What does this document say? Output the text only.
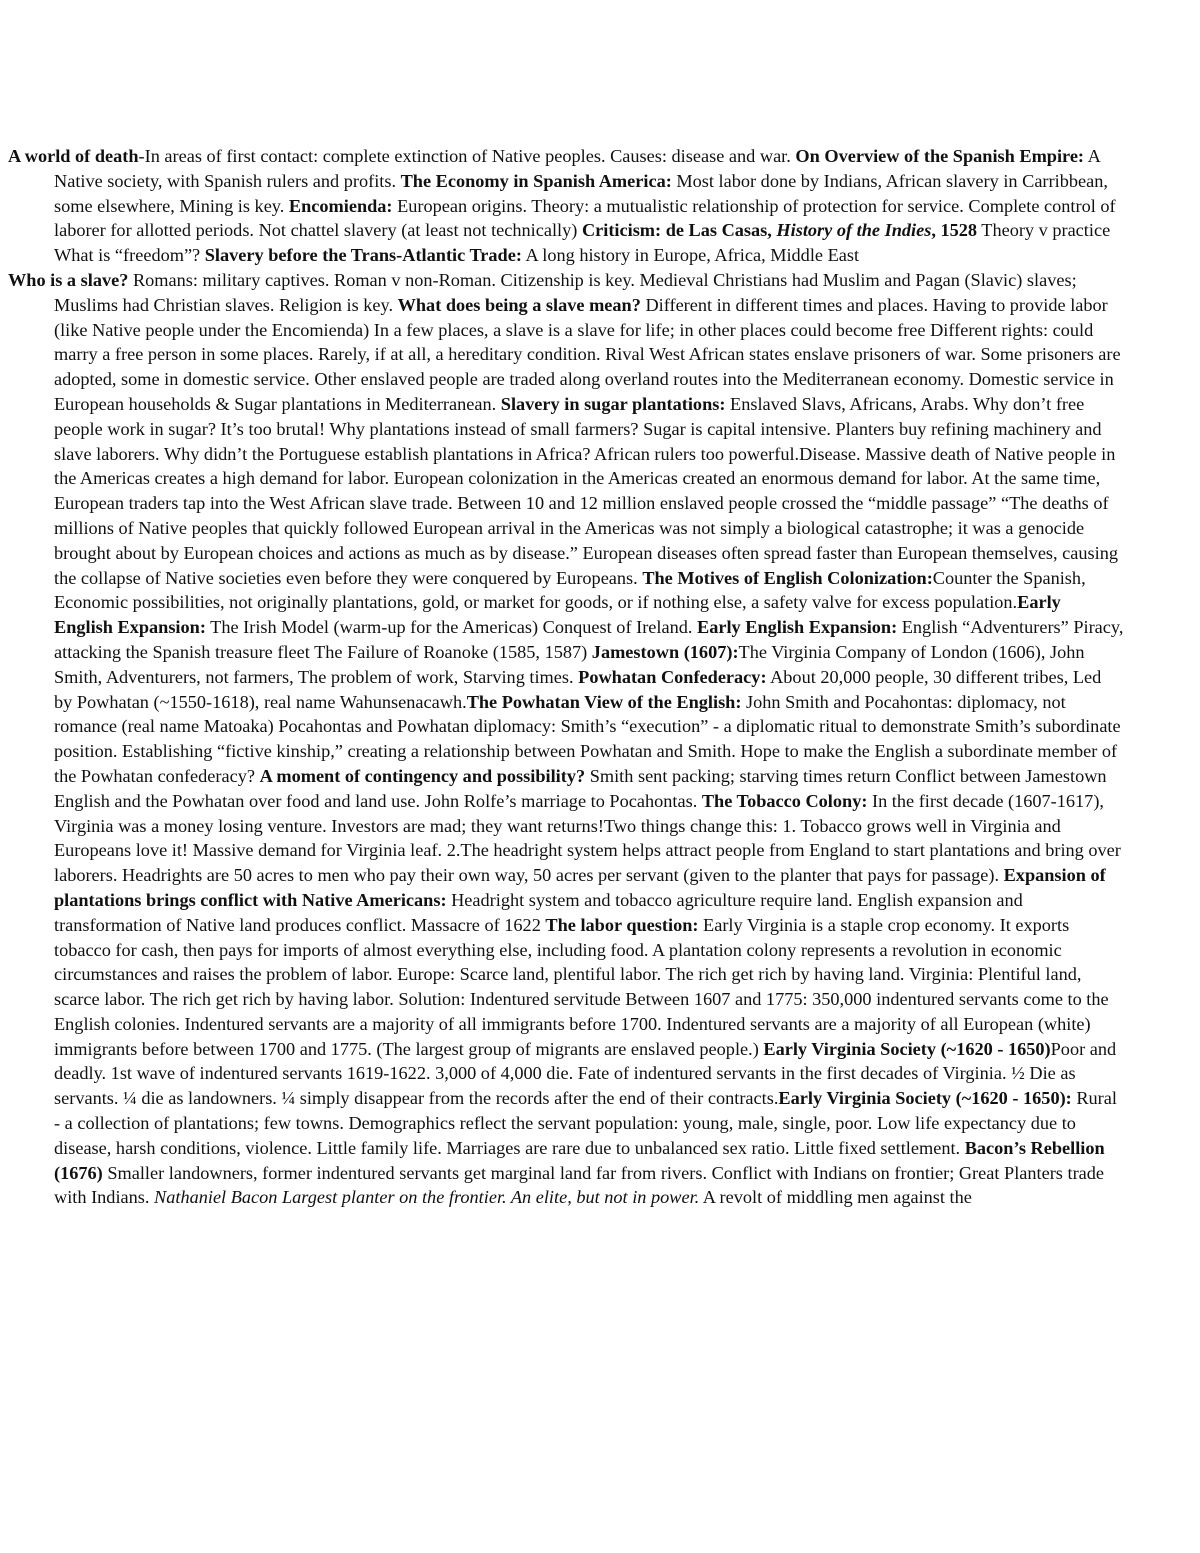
A world of death-In areas of first contact: complete extinction of Native peoples. Causes: disease and war. On Overview of the Spanish Empire: A Native society, with Spanish rulers and profits. The Economy in Spanish America: Most labor done by Indians, African slavery in Carribbean, some elsewhere, Mining is key. Encomienda: European origins. Theory: a mutualistic relationship of protection for service. Complete control of laborer for allotted periods. Not chattel slavery (at least not technically) Criticism: de Las Casas, History of the Indies, 1528 Theory v practice What is “freedom”? Slavery before the Trans-Atlantic Trade: A long history in Europe, Africa, Middle East

Who is a slave? Romans: military captives. Roman v non-Roman. Citizenship is key. Medieval Christians had Muslim and Pagan (Slavic) slaves; Muslims had Christian slaves. Religion is key. What does being a slave mean? Different in different times and places. Having to provide labor (like Native people under the Encomienda) In a few places, a slave is a slave for life; in other places could become free Different rights: could marry a free person in some places. Rarely, if at all, a hereditary condition. Rival West African states enslave prisoners of war. Some prisoners are adopted, some in domestic service. Other enslaved people are traded along overland routes into the Mediterranean economy. Domestic service in European households & Sugar plantations in Mediterranean. Slavery in sugar plantations: Enslaved Slavs, Africans, Arabs. Why don’t free people work in sugar? It’s too brutal! Why plantations instead of small farmers? Sugar is capital intensive. Planters buy refining machinery and slave laborers. Why didn’t the Portuguese establish plantations in Africa? African rulers too powerful.Disease. Massive death of Native people in the Americas creates a high demand for labor. European colonization in the Americas created an enormous demand for labor. At the same time, European traders tap into the West African slave trade. Between 10 and 12 million enslaved people crossed the “middle passage” “The deaths of millions of Native peoples that quickly followed European arrival in the Americas was not simply a biological catastrophe; it was a genocide brought about by European choices and actions as much as by disease.” European diseases often spread faster than European themselves, causing the collapse of Native societies even before they were conquered by Europeans. The Motives of English Colonization:Counter the Spanish, Economic possibilities, not originally plantations, gold, or market for goods, or if nothing else, a safety valve for excess population.Early English Expansion: The Irish Model (warm-up for the Americas) Conquest of Ireland. Early English Expansion: English “Adventurers” Piracy, attacking the Spanish treasure fleet The Failure of Roanoke (1585, 1587) Jamestown (1607):The Virginia Company of London (1606), John Smith, Adventurers, not farmers, The problem of work, Starving times. Powhatan Confederacy: About 20,000 people, 30 different tribes, Led by Powhatan (~1550-1618), real name Wahunsenacawh.The Powhatan View of the English: John Smith and Pocahontas: diplomacy, not romance (real name Matoaka) Pocahontas and Powhatan diplomacy: Smith’s “execution” - a diplomatic ritual to demonstrate Smith’s subordinate position. Establishing “fictive kinship,” creating a relationship between Powhatan and Smith. Hope to make the English a subordinate member of the Powhatan confederacy? A moment of contingency and possibility? Smith sent packing; starving times return Conflict between Jamestown English and the Powhatan over food and land use. John Rolfe’s marriage to Pocahontas. The Tobacco Colony: In the first decade (1607-1617), Virginia was a money losing venture. Investors are mad; they want returns!Two things change this: 1. Tobacco grows well in Virginia and Europeans love it! Massive demand for Virginia leaf. 2.The headright system helps attract people from England to start plantations and bring over laborers. Headrights are 50 acres to men who pay their own way, 50 acres per servant (given to the planter that pays for passage). Expansion of plantations brings conflict with Native Americans: Headright system and tobacco agriculture require land. English expansion and transformation of Native land produces conflict. Massacre of 1622 The labor question: Early Virginia is a staple crop economy. It exports tobacco for cash, then pays for imports of almost everything else, including food. A plantation colony represents a revolution in economic circumstances and raises the problem of labor. Europe: Scarce land, plentiful labor. The rich get rich by having land. Virginia: Plentiful land, scarce labor. The rich get rich by having labor. Solution: Indentured servitude Between 1607 and 1775: 350,000 indentured servants come to the English colonies. Indentured servants are a majority of all immigrants before 1700. Indentured servants are a majority of all European (white) immigrants before between 1700 and 1775. (The largest group of migrants are enslaved people.) Early Virginia Society (~1620 - 1650)Poor and deadly. 1st wave of indentured servants 1619-1622. 3,000 of 4,000 die. Fate of indentured servants in the first decades of Virginia. ½ Die as servants. ¼ die as landowners. ¼ simply disappear from the records after the end of their contracts.Early Virginia Society (~1620 - 1650): Rural - a collection of plantations; few towns. Demographics reflect the servant population: young, male, single, poor. Low life expectancy due to disease, harsh conditions, violence. Little family life. Marriages are rare due to unbalanced sex ratio. Little fixed settlement. Bacon’s Rebellion (1676) Smaller landowners, former indentured servants get marginal land far from rivers. Conflict with Indians on frontier; Great Planters trade with Indians. Nathaniel Bacon Largest planter on the frontier. An elite, but not in power. A revolt of middling men against the
